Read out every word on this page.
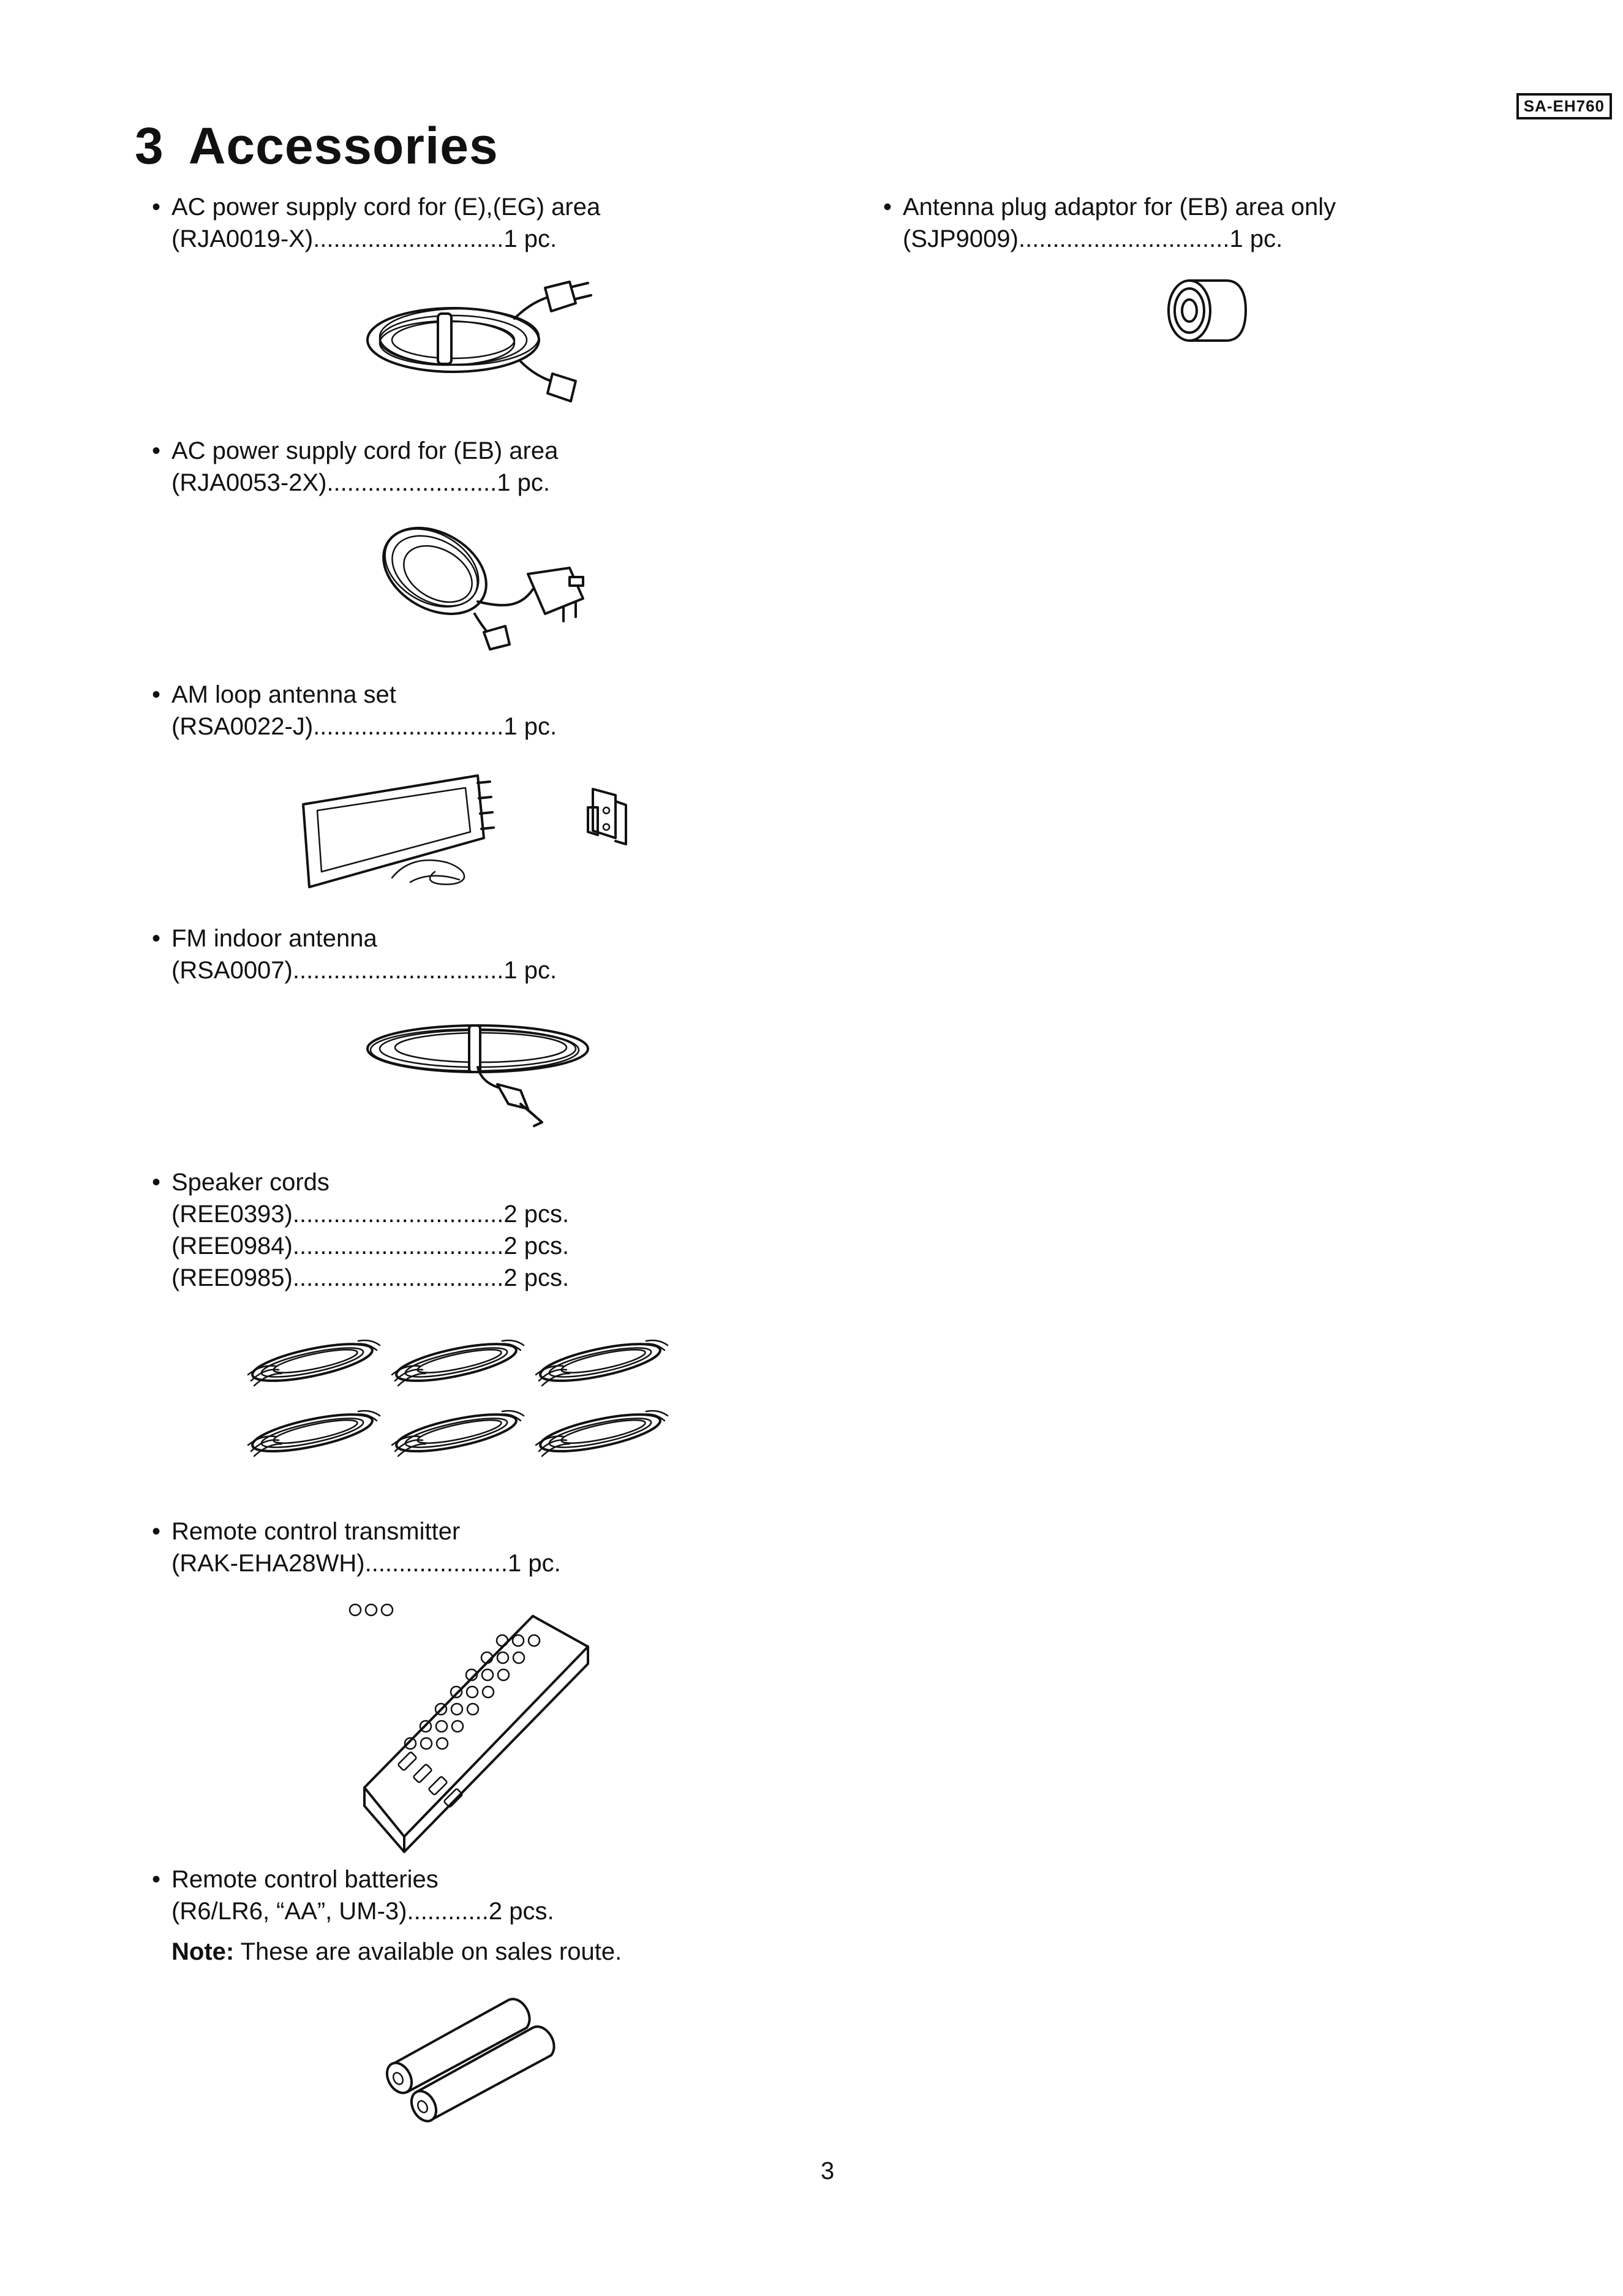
3 Accessories
SA-EH760
• AC power supply cord for (E),(EG) area
(RJA0019-X)............................1 pc.
• AC power supply cord for (EB) area
(RJA0053-2X).........................1 pc.
• AM loop antenna set
(RSA0022-J)............................1 pc.
• FM indoor antenna
(RSA0007)...............................1 pc.
• Speaker cords
(REE0393)...............................2 pcs.
(REE0984)...............................2 pcs.
(REE0985)...............................2 pcs.
• Remote control transmitter
(RAK-EHA28WH).....................1 pc.
• Remote control batteries
(R6/LR6, “AA”, UM-3)............2 pcs.
Note: These are available on sales route.
• Antenna plug adaptor for (EB) area only
(SJP9009)...............................1 pc.
3
